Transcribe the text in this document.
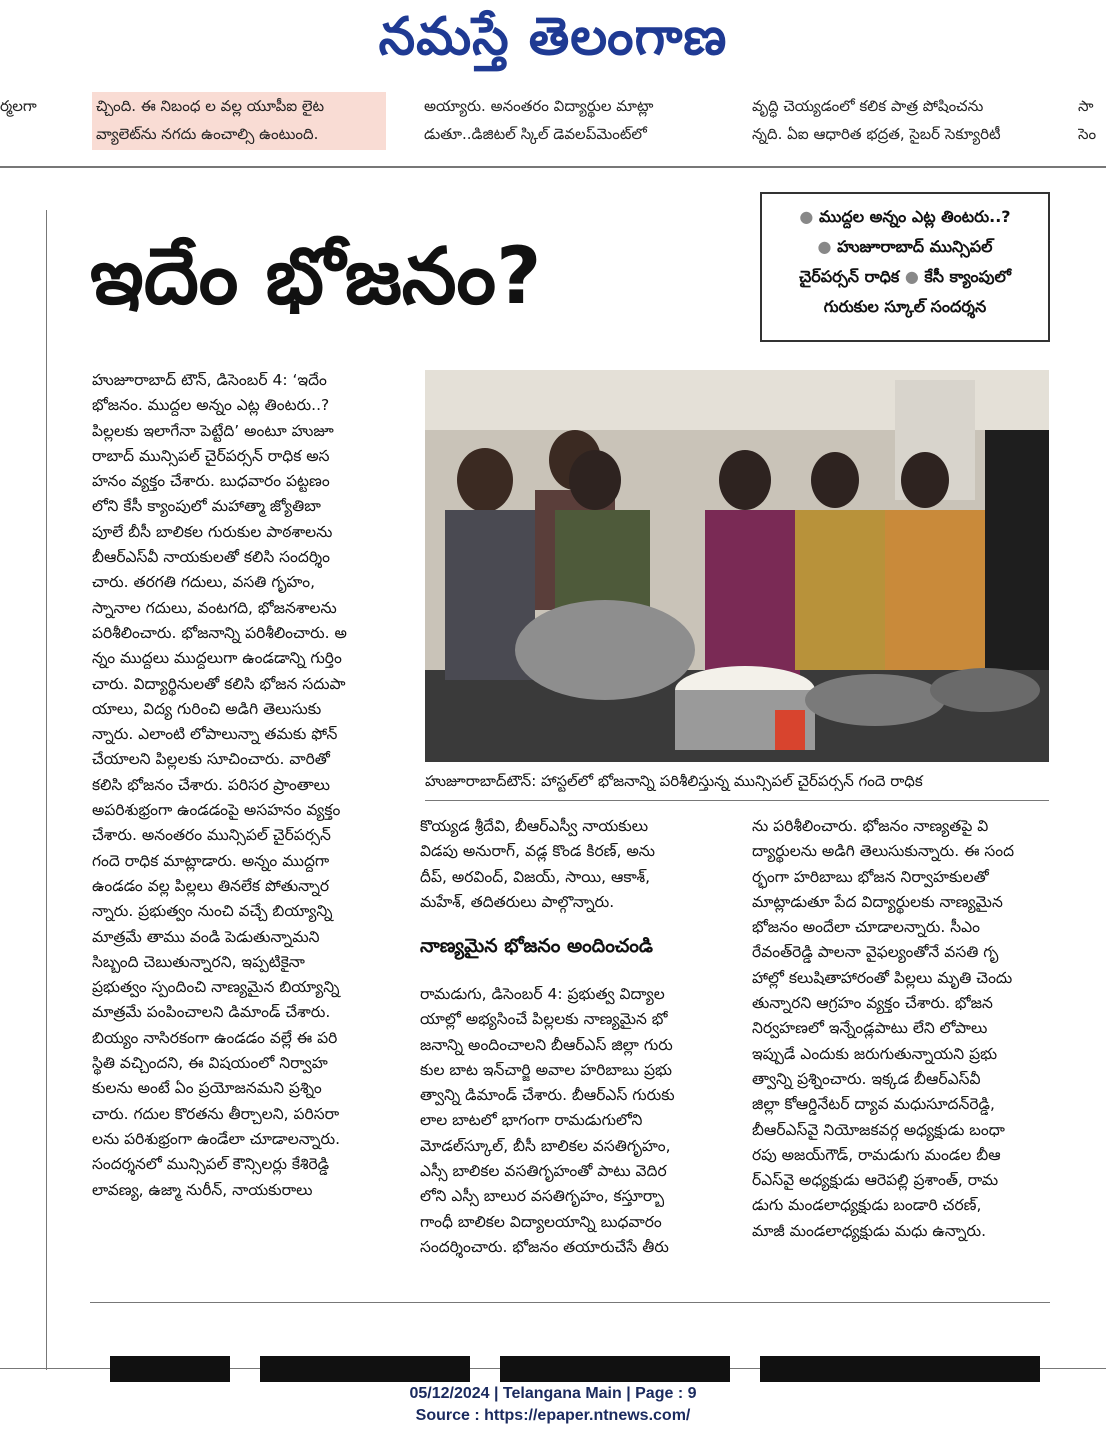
నమస్తే తెలంగాణ
ర్మలగా	చ్చింది. ఈ నిబంధ ల వల్ల యూపీఐ లైట
వ్యాలెట్‌ను నగదు ఉంచాల్సి ఉంటుంది.
అయ్యారు. అనంతరం విద్యార్థుల మాట్లా
డుతూ..డిజిటల్ స్కిల్ డెవలప్‌మెంట్‌లో
వృద్ధి చెయ్యడంలో కలిక పాత్ర పోషించను
న్నది. ఏఐ ఆధారిత భద్రత, సైబర్ సెక్యూరిటీ
సా
సెం
ఇదేం భోజనం?
● ముద్దల అన్నం ఎట్ల తింటరు..?
● హుజూరాబాద్ మున్సిపల్
చైర్‌పర్సన్ రాధిక ● కేసీ క్యాంపులో
గురుకుల స్కూల్ సందర్శన
హుజూరాబాద్ టౌన్, డిసెంబర్ 4: ‘ఇదేం
భోజనం. ముద్దల అన్నం ఎట్ల తింటరు..?
పిల్లలకు ఇలాగేనా పెట్టేది’ అంటూ హుజూ
రాబాద్ మున్సిపల్ చైర్‌పర్సన్ రాధిక అస
హనం వ్యక్తం చేశారు. బుధవారం పట్టణం
లోని కేసీ క్యాంపులో మహాత్మా జ్యోతిబా
పూలే బీసీ బాలికల గురుకుల పాఠశాలను
బీఆర్‌ఎస్‌వీ నాయకులతో కలిసి సందర్శిం
చారు. తరగతి గదులు, వసతి గృహం,
స్నానాల గదులు, వంటగది, భోజనశాలను
పరిశీలించారు. భోజనాన్ని పరిశీలించారు. అ
న్నం ముద్దలు ముద్దలుగా ఉండడాన్ని గుర్తిం
చారు. విద్యార్థినులతో కలిసి భోజన సదుపా
యాలు, విద్య గురించి అడిగి తెలుసుకు
న్నారు. ఎలాంటి లోపాలున్నా తమకు ఫోన్
చేయాలని పిల్లలకు సూచించారు. వారితో
కలిసి భోజనం చేశారు. పరిసర ప్రాంతాలు
అపరిశుభ్రంగా ఉండడంపై అసహనం వ్యక్తం
చేశారు. అనంతరం మున్సిపల్ చైర్‌పర్సన్
గందె రాధిక మాట్లాడారు. అన్నం ముద్దగా
ఉండడం వల్ల పిల్లలు తినలేక పోతున్నార
న్నారు. ప్రభుత్వం నుంచి వచ్చే బియ్యాన్ని
మాత్రమే తాము వండి పెడుతున్నామని
సిబ్బంది చెబుతున్నారని, ఇప్పటికైనా
ప్రభుత్వం స్పందించి నాణ్యమైన బియ్యాన్ని
మాత్రమే పంపించాలని డిమాండ్ చేశారు.
బియ్యం నాసిరకంగా ఉండడం వల్లే ఈ పరి
స్థితి వచ్చిందని, ఈ విషయంలో నిర్వాహ
కులను అంటే ఏం ప్రయోజనమని ప్రశ్నిం
చారు. గదుల కొరతను తీర్చాలని, పరిసరా
లను పరిశుభ్రంగా ఉండేలా చూడాలన్నారు.
సందర్శనలో మున్సిపల్ కౌన్సిలర్లు కేశిరెడ్డి
లావణ్య, ఉజ్మా నురీన్, నాయకురాలు
హుజూరాబాద్‌టౌన్: హాస్టల్‌లో భోజనాన్ని పరిశీలిస్తున్న మున్సిపల్ చైర్‌పర్సన్ గందె రాధిక
కొయ్యడ శ్రీదేవి, బీఆర్‌ఎస్వీ నాయకులు
విడపు అనురాగ్, వడ్ల కొండ కిరణ్, అను
దీప్, అరవింద్, విజయ్, సాయి, ఆకాశ్,
మహేశ్, తదితరులు పాల్గొన్నారు.
నాణ్యమైన భోజనం అందించండి
రామడుగు, డిసెంబర్ 4: ప్రభుత్వ విద్యాల
యాల్లో అభ్యసించే పిల్లలకు నాణ్యమైన భో
జనాన్ని అందించాలని బీఆర్‌ఎస్ జిల్లా గురు
కుల బాట ఇన్‌చార్జి అవాల హరిబాబు ప్రభు
త్వాన్ని డిమాండ్ చేశారు. బీఆర్‌ఎస్ గురుకు
లాల బాటలో భాగంగా రామడుగులోని
మోడల్‌స్కూల్, బీసీ బాలికల వసతిగృహం,
ఎస్సీ బాలికల వసతిగృహంతో పాటు వెదిర
లోని ఎస్సీ బాలుర వసతిగృహం, కస్తూర్బా
గాంధీ బాలికల విద్యాలయాన్ని బుధవారం
సందర్శించారు. భోజనం తయారుచేసే తీరు
ను పరిశీలించారు. భోజనం నాణ్యతపై వి
ద్యార్థులను అడిగి తెలుసుకున్నారు. ఈ సంద
ర్భంగా హరిబాబు భోజన నిర్వాహకులతో
మాట్లాడుతూ పేద విద్యార్థులకు నాణ్యమైన
భోజనం అందేలా చూడాలన్నారు. సీఎం
రేవంత్‌రెడ్డి పాలనా వైఫల్యంతోనే వసతి గృ
హాల్లో కలుషితాహారంతో పిల్లలు మృతి చెందు
తున్నారని ఆగ్రహం వ్యక్తం చేశారు. భోజన
నిర్వహణలో ఇన్నేండ్లపాటు లేని లోపాలు
ఇప్పుడే ఎందుకు జరుగుతున్నాయని ప్రభు
త్వాన్ని ప్రశ్నించారు. ఇక్కడ బీఆర్‌ఎస్‌వీ
జిల్లా కోఆర్డినేటర్ ద్యావ మధుసూదన్‌రెడ్డి,
బీఆర్‌ఎస్‌వై నియోజకవర్గ అధ్యక్షుడు బంధా
రపు అజయ్‌గౌడ్, రామడుగు మండల బీఆ
ర్‌ఎస్‌వై అధ్యక్షుడు ఆరెపల్లి ప్రశాంత్, రామ
డుగు మండలాధ్యక్షుడు బండారి చరణ్,
మాజీ మండలాధ్యక్షుడు మధు ఉన్నారు.
05/12/2024 | Telangana Main | Page : 9
Source : https://epaper.ntnews.com/
